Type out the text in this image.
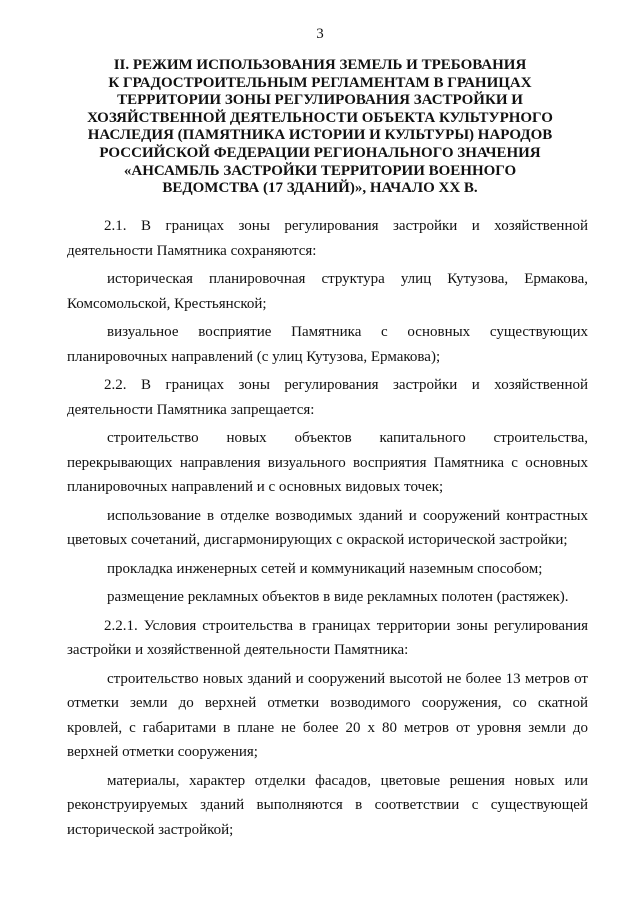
3
II. РЕЖИМ ИСПОЛЬЗОВАНИЯ ЗЕМЕЛЬ И ТРЕБОВАНИЯ
К ГРАДОСТРОИТЕЛЬНЫМ РЕГЛАМЕНТАМ В ГРАНИЦАХ
ТЕРРИТОРИИ ЗОНЫ РЕГУЛИРОВАНИЯ ЗАСТРОЙКИ И
ХОЗЯЙСТВЕННОЙ ДЕЯТЕЛЬНОСТИ ОБЪЕКТА КУЛЬТУРНОГО
НАСЛЕДИЯ (ПАМЯТНИКА ИСТОРИИ И КУЛЬТУРЫ) НАРОДОВ
РОССИЙСКОЙ ФЕДЕРАЦИИ РЕГИОНАЛЬНОГО ЗНАЧЕНИЯ
«АНСАМБЛЬ ЗАСТРОЙКИ ТЕРРИТОРИИ ВОЕННОГО
ВЕДОМСТВА (17 ЗДАНИЙ)», НАЧАЛО XX В.

2.1. В границах зоны регулирования застройки и хозяйственной деятельности Памятника сохраняются:

историческая планировочная структура улиц Кутузова, Ермакова, Комсомольской, Крестьянской;

визуальное восприятие Памятника с основных существующих планировочных направлений (с улиц Кутузова, Ермакова);

2.2. В границах зоны регулирования застройки и хозяйственной деятельности Памятника запрещается:

строительство новых объектов капитального строительства, перекрывающих направления визуального восприятия Памятника с основных планировочных направлений и с основных видовых точек;

использование в отделке возводимых зданий и сооружений контрастных цветовых сочетаний, дисгармонирующих с окраской исторической застройки;

прокладка инженерных сетей и коммуникаций наземным способом;

размещение рекламных объектов в виде рекламных полотен (растяжек).

2.2.1. Условия строительства в границах территории зоны регулирования застройки и хозяйственной деятельности Памятника:

строительство новых зданий и сооружений высотой не более 13 метров от отметки земли до верхней отметки возводимого сооружения, со скатной кровлей, с габаритами в плане не более 20 х 80 метров от уровня земли до верхней отметки сооружения;

материалы, характер отделки фасадов, цветовые решения новых или реконструируемых зданий выполняются в соответствии с существующей исторической застройкой;
